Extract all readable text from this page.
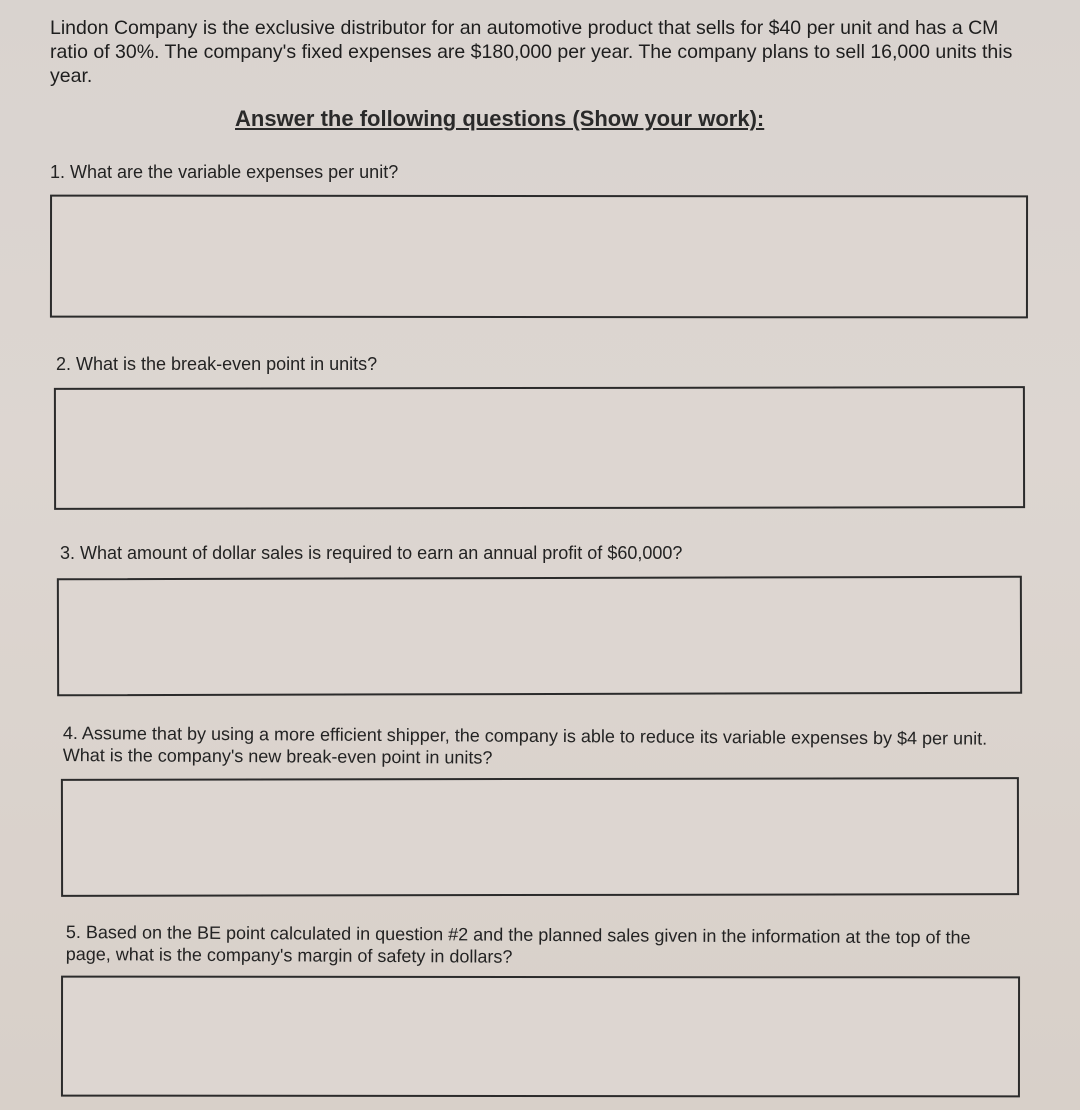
Lindon Company is the exclusive distributor for an automotive product that sells for $40 per unit and has a CM ratio of 30%. The company's fixed expenses are $180,000 per year. The company plans to sell 16,000 units this year.
Answer the following questions (Show your work):
1. What are the variable expenses per unit?
2. What is the break-even point in units?
3. What amount of dollar sales is required to earn an annual profit of $60,000?
4. Assume that by using a more efficient shipper, the company is able to reduce its variable expenses by $4 per unit. What is the company's new break-even point in units?
5. Based on the BE point calculated in question #2 and the planned sales given in the information at the top of the page, what is the company's margin of safety in dollars?
